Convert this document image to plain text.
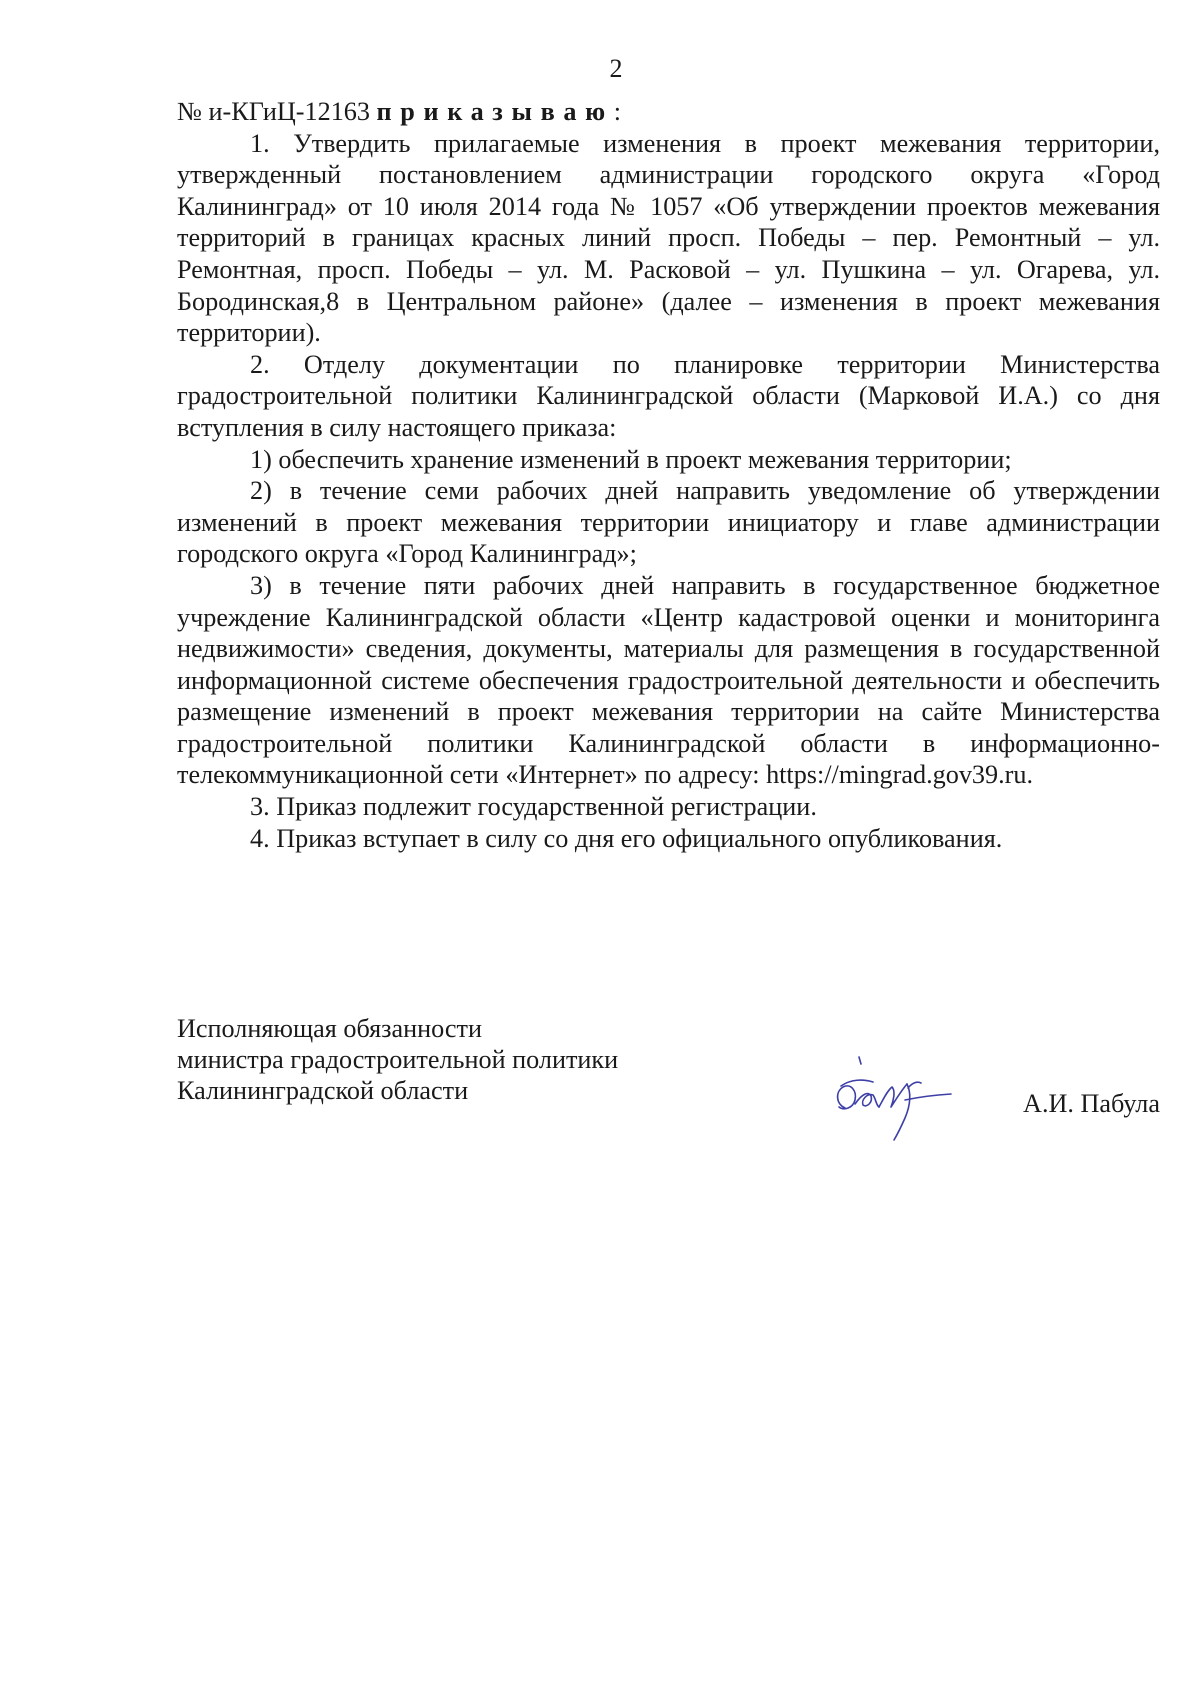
2

№ и-КГиЦ-12163 приказываю:

1. Утвердить прилагаемые изменения в проект межевания территории, утвержденный постановлением администрации городского округа «Город Калининград» от 10 июля 2014 года № 1057 «Об утверждении проектов межевания территорий в границах красных линий просп. Победы – пер. Ремонтный – ул. Ремонтная, просп. Победы – ул. М. Расковой – ул. Пушкина – ул. Огарева, ул. Бородинская,8 в Центральном районе» (далее – изменения в проект межевания территории).

2. Отделу документации по планировке территории Министерства градостроительной политики Калининградской области (Марковой И.А.) со дня вступления в силу настоящего приказа:

1) обеспечить хранение изменений в проект межевания территории;

2) в течение семи рабочих дней направить уведомление об утверждении изменений в проект межевания территории инициатору и главе администрации городского округа «Город Калининград»;

3) в течение пяти рабочих дней направить в государственное бюджетное учреждение Калининградской области «Центр кадастровой оценки и мониторинга недвижимости» сведения, документы, материалы для размещения в государственной информационной системе обеспечения градостроительной деятельности и обеспечить размещение изменений в проект межевания территории на сайте Министерства градостроительной политики Калининградской области в информационно-телекоммуникационной сети «Интернет» по адресу: https://mingrad.gov39.ru.

3. Приказ подлежит государственной регистрации.

4. Приказ вступает в силу со дня его официального опубликования.

Исполняющая обязанности
министра градостроительной политики
Калининградской области	А.И. Пабула
